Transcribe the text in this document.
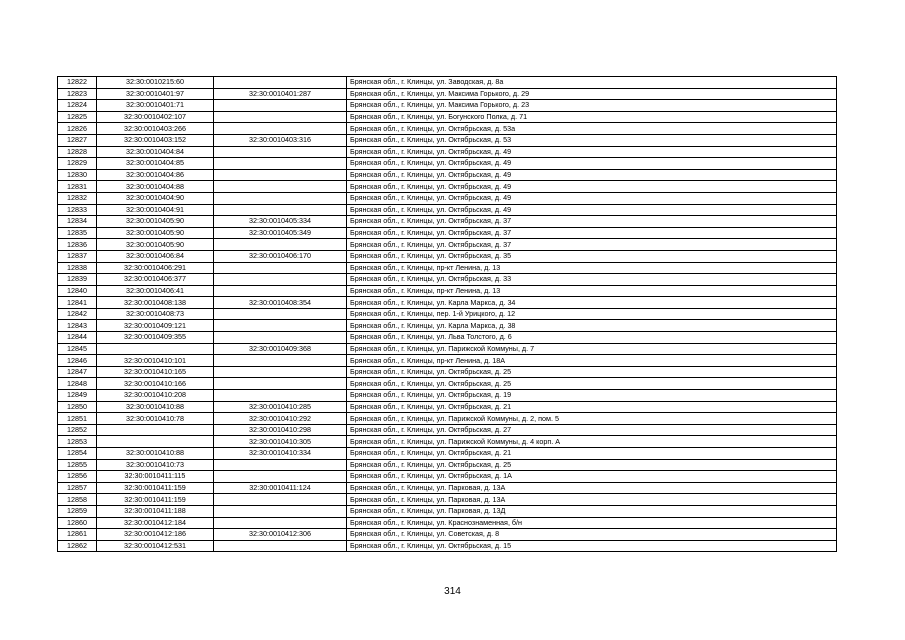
12822	32:30:0010215:60		Брянская обл., г. Клинцы, ул. Заводская, д. 8а
12823	32:30:0010401:97	32:30:0010401:287	Брянская обл., г. Клинцы, ул. Максима Горького, д. 29
12824	32:30:0010401:71		Брянская обл., г. Клинцы, ул. Максима Горького, д. 23
12825	32:30:0010402:107		Брянская обл., г. Клинцы, ул. Богунского Полка, д. 71
12826	32:30:0010403:266		Брянская обл., г. Клинцы, ул. Октябрьская, д. 53а
12827	32:30:0010403:152	32:30:0010403:316	Брянская обл., г. Клинцы, ул. Октябрьская, д. 53
12828	32:30:0010404:84		Брянская обл., г. Клинцы, ул. Октябрьская, д. 49
12829	32:30:0010404:85		Брянская обл., г. Клинцы, ул. Октябрьская, д. 49
12830	32:30:0010404:86		Брянская обл., г. Клинцы, ул. Октябрьская, д. 49
12831	32:30:0010404:88		Брянская обл., г. Клинцы, ул. Октябрьская, д. 49
12832	32:30:0010404:90		Брянская обл., г. Клинцы, ул. Октябрьская, д. 49
12833	32:30:0010404:91		Брянская обл., г. Клинцы, ул. Октябрьская, д. 49
12834	32:30:0010405:90	32:30:0010405:334	Брянская обл., г. Клинцы, ул. Октябрьская, д. 37
12835	32:30:0010405:90	32:30:0010405:349	Брянская обл., г. Клинцы, ул. Октябрьская, д. 37
12836	32:30:0010405:90		Брянская обл., г. Клинцы, ул. Октябрьская, д. 37
12837	32:30:0010406:84	32:30:0010406:170	Брянская обл., г. Клинцы, ул. Октябрьская, д. 35
12838	32:30:0010406:291		Брянская обл., г. Клинцы, пр-кт Ленина, д. 13
12839	32:30:0010406:377		Брянская обл., г. Клинцы, ул. Октябрьская, д. 33
12840	32:30:0010406:41		Брянская обл., г. Клинцы, пр-кт Ленина, д. 13
12841	32:30:0010408:138	32:30:0010408:354	Брянская обл., г. Клинцы, ул. Карла Маркса, д. 34
12842	32:30:0010408:73		Брянская обл., г. Клинцы, пер. 1-й Урицкого, д. 12
12843	32:30:0010409:121		Брянская обл., г. Клинцы, ул. Карла Маркса, д. 38
12844	32:30:0010409:355		Брянская обл., г. Клинцы, ул. Льва Толстого, д. 6
12845		32:30:0010409:368	Брянская обл., г. Клинцы, ул. Парижской Коммуны, д. 7
12846	32:30:0010410:101		Брянская обл., г. Клинцы, пр-кт Ленина, д. 18А
12847	32:30:0010410:165		Брянская обл., г. Клинцы, ул. Октябрьская, д. 25
12848	32:30:0010410:166		Брянская обл., г. Клинцы, ул. Октябрьская, д. 25
12849	32:30:0010410:208		Брянская обл., г. Клинцы, ул. Октябрьская, д. 19
12850	32:30:0010410:88	32:30:0010410:285	Брянская обл., г. Клинцы, ул. Октябрьская, д. 21
12851	32:30:0010410:78	32:30:0010410:292	Брянская обл., г. Клинцы, ул. Парижской Коммуны, д. 2, пом. 5
12852		32:30:0010410:298	Брянская обл., г. Клинцы, ул. Октябрьская, д. 27
12853		32:30:0010410:305	Брянская обл., г. Клинцы, ул. Парижской Коммуны, д. 4 корп. А
12854	32:30:0010410:88	32:30:0010410:334	Брянская обл., г. Клинцы, ул. Октябрьская, д. 21
12855	32:30:0010410:73		Брянская обл., г. Клинцы, ул. Октябрьская, д. 25
12856	32:30:0010411:115		Брянская обл., г. Клинцы, ул. Октябрьская, д. 1А
12857	32:30:0010411:159	32:30:0010411:124	Брянская обл., г. Клинцы, ул. Парковая, д. 13А
12858	32:30:0010411:159		Брянская обл., г. Клинцы, ул. Парковая, д. 13А
12859	32:30:0010411:188		Брянская обл., г. Клинцы, ул. Парковая, д. 13Д
12860	32:30:0010412:184		Брянская обл., г. Клинцы, ул. Краснознаменная, б/н
12861	32:30:0010412:186	32:30:0010412:306	Брянская обл., г. Клинцы, ул. Советская, д. 8
12862	32:30:0010412:531		Брянская обл., г. Клинцы, ул. Октябрьская, д. 15
314
